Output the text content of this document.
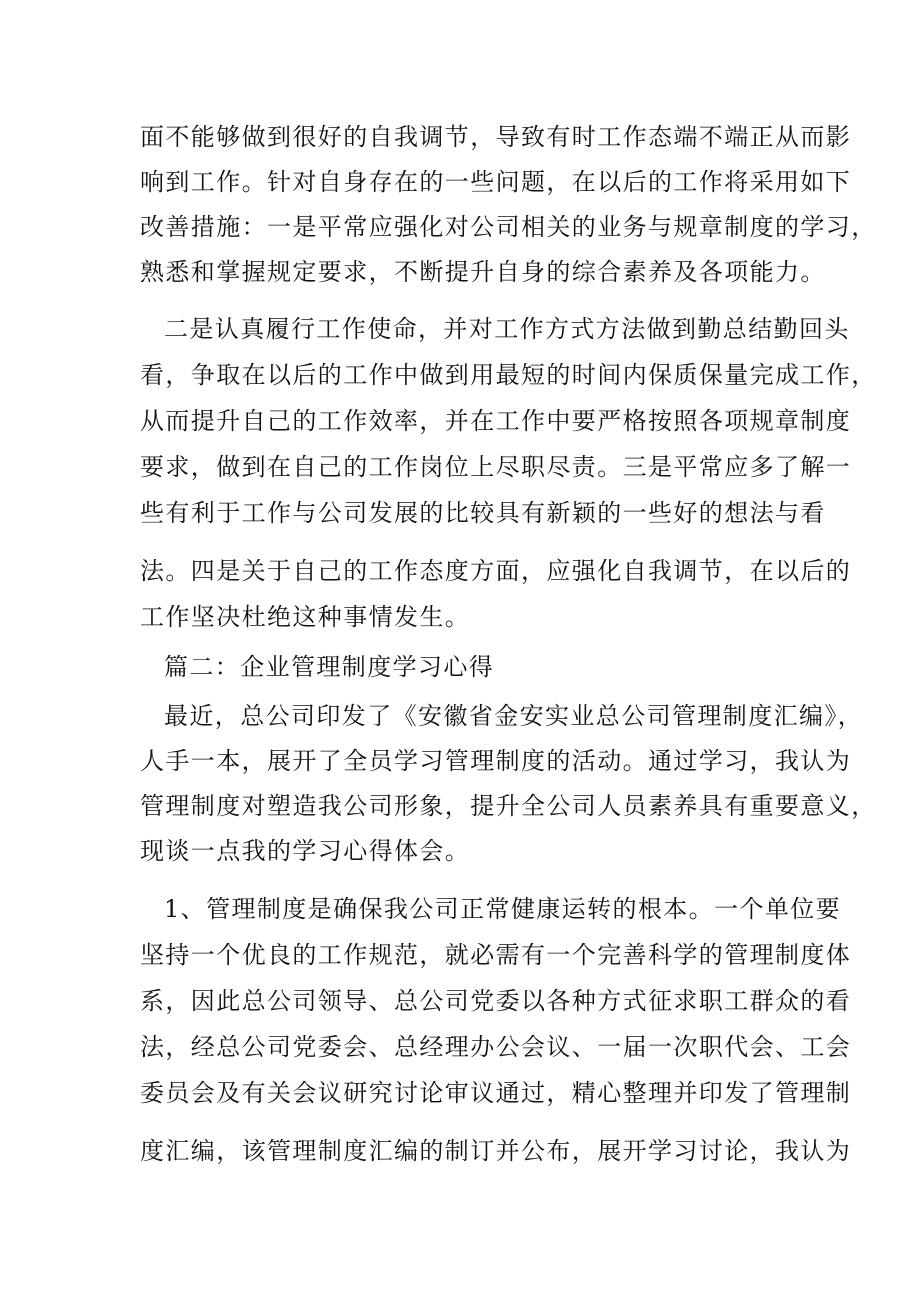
面不能够做到很好的自我调节，导致有时工作态端不端正从而影
响到工作。针对自身存在的一些问题，在以后的工作将采用如下
改善措施：一是平常应强化对公司相关的业务与规章制度的学习，
熟悉和掌握规定要求，不断提升自身的综合素养及各项能力。
二是认真履行工作使命，并对工作方式方法做到勤总结勤回头
看，争取在以后的工作中做到用最短的时间内保质保量完成工作，
从而提升自己的工作效率，并在工作中要严格按照各项规章制度
要求，做到在自己的工作岗位上尽职尽责。三是平常应多了解一
些有利于工作与公司发展的比较具有新颖的一些好的想法与看
法。四是关于自己的工作态度方面，应强化自我调节，在以后的
工作坚决杜绝这种事情发生。
篇二：企业管理制度学习心得
最近，总公司印发了《安徽省金安实业总公司管理制度汇编》，
人手一本，展开了全员学习管理制度的活动。通过学习，我认为
管理制度对塑造我公司形象，提升全公司人员素养具有重要意义，
现谈一点我的学习心得体会。
1、管理制度是确保我公司正常健康运转的根本。一个单位要
坚持一个优良的工作规范，就必需有一个完善科学的管理制度体
系，因此总公司领导、总公司党委以各种方式征求职工群众的看
法，经总公司党委会、总经理办公会议、一届一次职代会、工会
委员会及有关会议研究讨论审议通过，精心整理并印发了管理制
度汇编，该管理制度汇编的制订并公布，展开学习讨论，我认为
